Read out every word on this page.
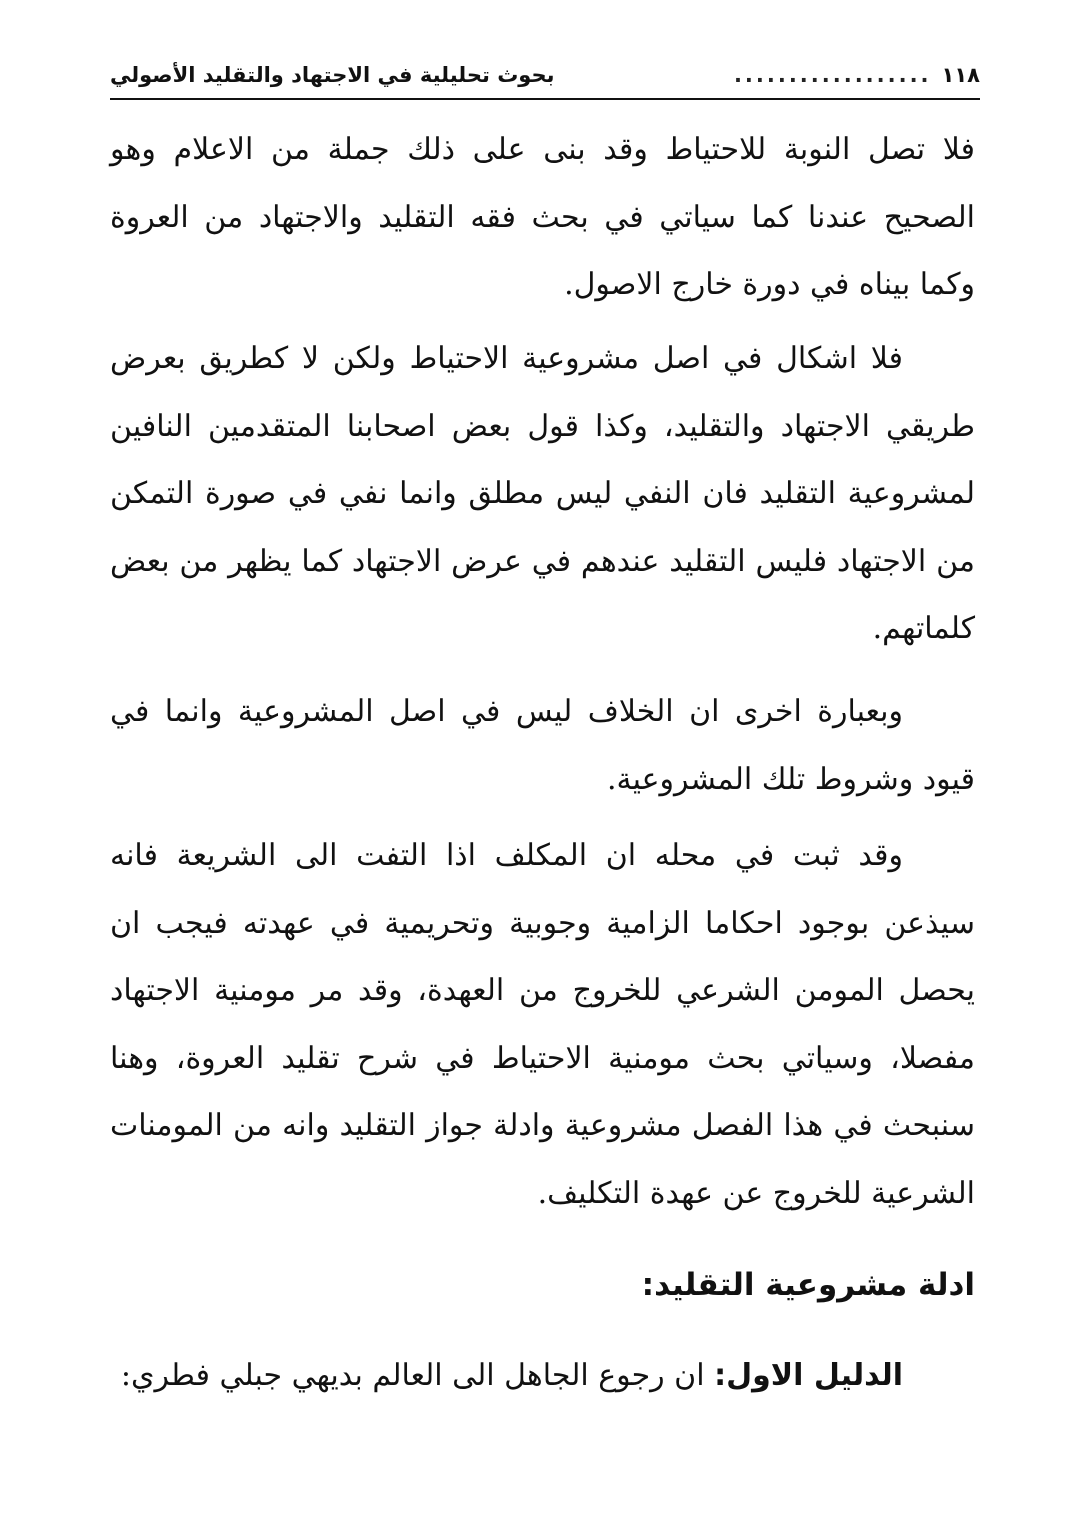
١١٨
..................
بحوث تحليلية في الاجتهاد والتقليد الأصولي

فلا تصل النوبة للاحتياط وقد بنى على ذلك جملة من الاعلام وهو الصحيح عندنا كما سياتي في بحث فقه التقليد والاجتهاد من العروة وكما بيناه في دورة خارج الاصول.

فلا اشكال في اصل مشروعية الاحتياط ولكن لا كطريق بعرض طريقي الاجتهاد والتقليد، وكذا قول بعض اصحابنا المتقدمين النافين لمشروعية التقليد فان النفي ليس مطلق وانما نفي في صورة التمكن من الاجتهاد فليس التقليد عندهم في عرض الاجتهاد كما يظهر من بعض كلماتهم.

وبعبارة اخرى ان الخلاف ليس في اصل المشروعية وانما في قيود وشروط تلك المشروعية.

وقد ثبت في محله ان المكلف اذا التفت الى الشريعة فانه سيذعن بوجود احكاما الزامية وجوبية وتحريمية في عهدته فيجب ان يحصل المومن الشرعي للخروج من العهدة، وقد مر مومنية الاجتهاد مفصلا، وسياتي بحث مومنية الاحتياط في شرح تقليد العروة، وهنا سنبحث في هذا الفصل مشروعية وادلة جواز التقليد وانه من المومنات الشرعية للخروج عن عهدة التكليف.

ادلة مشروعية التقليد:
الدليل الاول: ان رجوع الجاهل الى العالم بديهي جبلي فطري:
